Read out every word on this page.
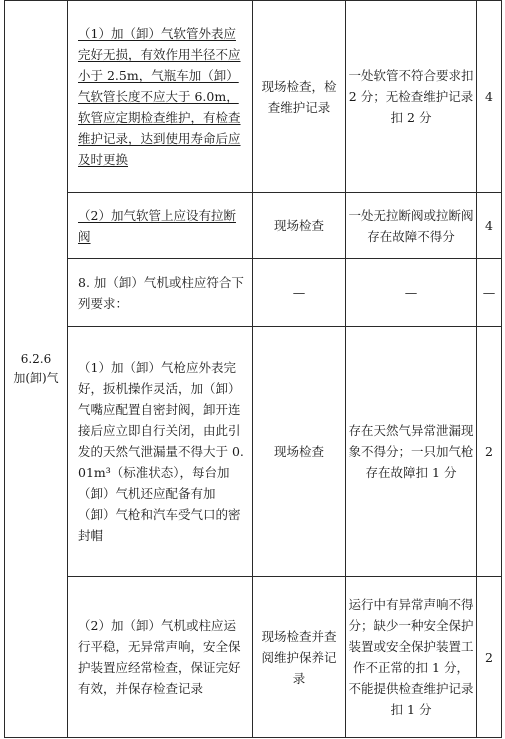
6.2.6
加(卸)气	（1）加（卸）气软管外表应完好无损，有效作用半径不应小于 2.5m，气瓶车加（卸）气软管长度不应大于 6.0m，软管应定期检查维护，有检查维护记录，达到使用寿命后应及时更换	现场检查，检查维护记录	一处软管不符合要求扣 2 分；无检查维护记录扣 2 分	4
	（2）加气软管上应设有拉断阀	现场检查	一处无拉断阀或拉断阀存在故障不得分	4
	8. 加（卸）气机或柱应符合下列要求：	—	—	—
	（1）加（卸）气枪应外表完好，扳机操作灵活，加（卸）气嘴应配置自密封阀，卸开连接后应立即自行关闭，由此引发的天然气泄漏量不得大于 0.01m³（标准状态），每台加（卸）气机还应配备有加（卸）气枪和汽车受气口的密封帽	现场检查	存在天然气异常泄漏现象不得分；一只加气枪存在故障扣 1 分	2
	（2）加（卸）气机或柱应运行平稳，无异常声响，安全保护装置应经常检查，保证完好有效，并保存检查记录	现场检查并查阅维护保养记录	运行中有异常声响不得分；缺少一种安全保护装置或安全保护装置工作不正常的扣 1 分，不能提供检查维护记录扣 1 分	2
